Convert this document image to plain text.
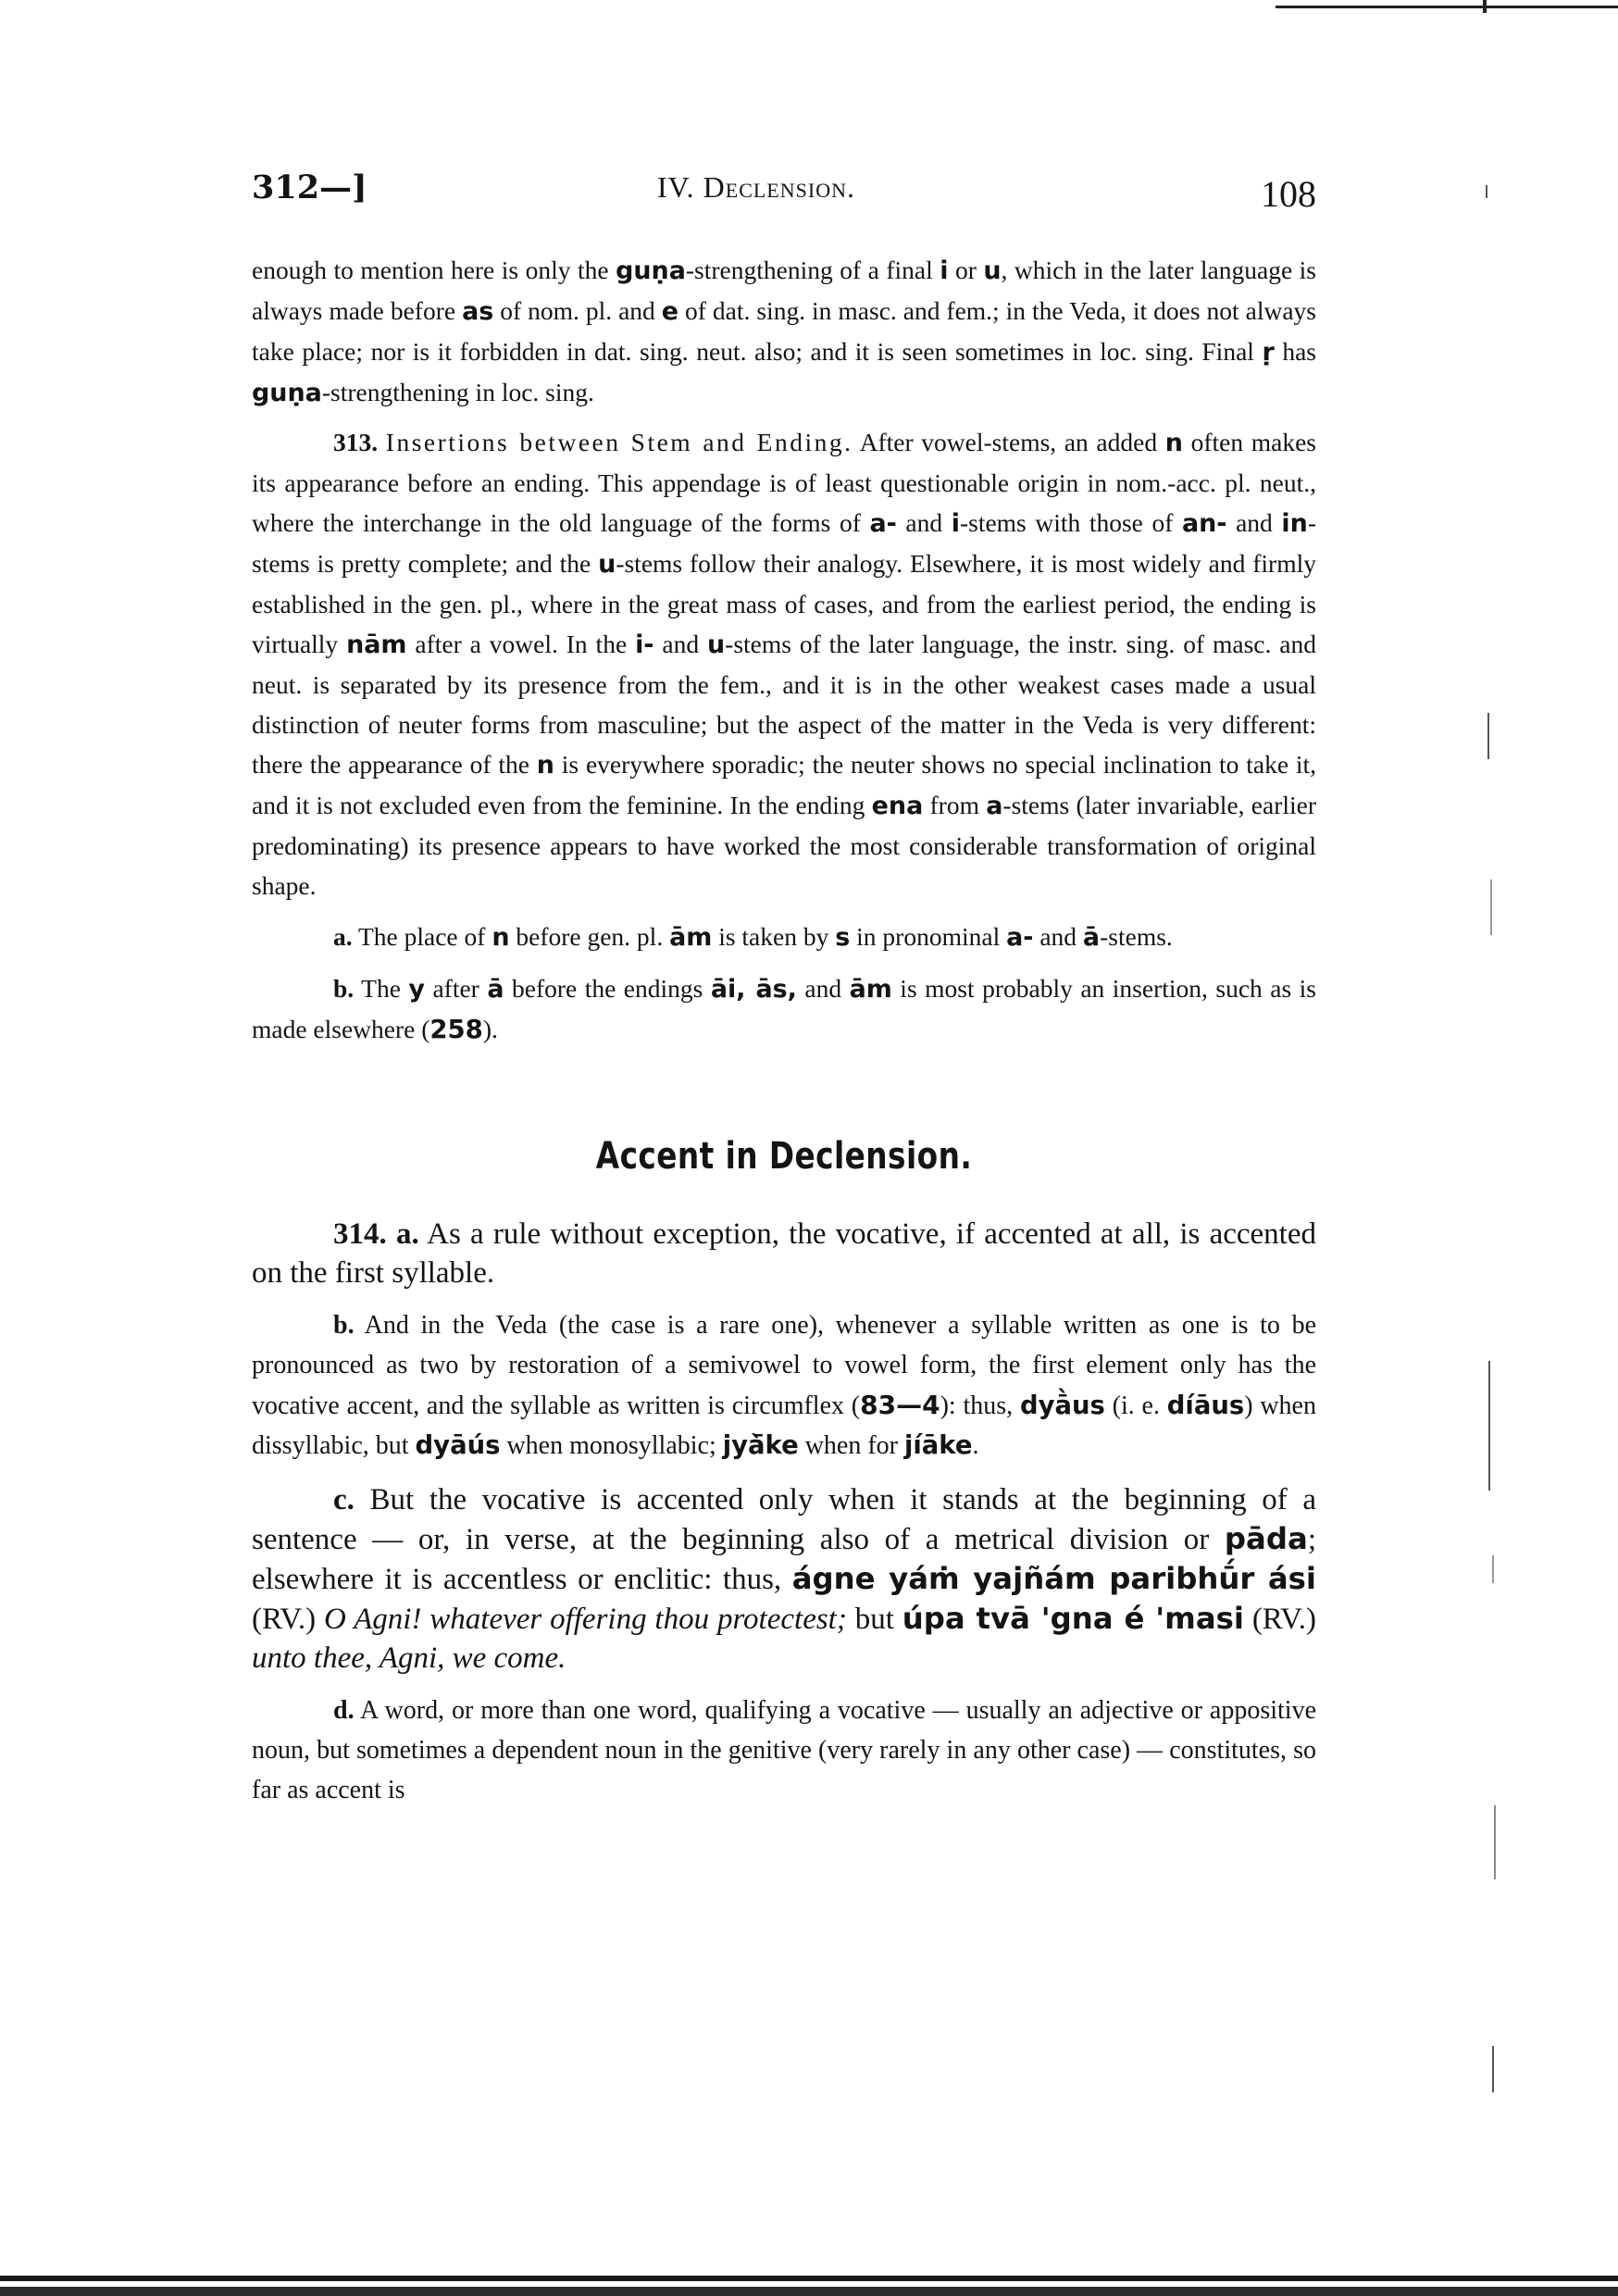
312—]	IV. Declension.	108

enough to mention here is only the guṇa-strengthening of a final i or u, which in the later language is always made before as of nom. pl. and e of dat. sing. in masc. and fem.; in the Veda, it does not always take place; nor is it forbidden in dat. sing. neut. also; and it is seen sometimes in loc. sing. Final ṛ has guṇa-strengthening in loc. sing.

313. Insertions between Stem and Ending. After vowel-stems, an added n often makes its appearance before an ending. This appendage is of least questionable origin in nom.-acc. pl. neut., where the interchange in the old language of the forms of a- and i-stems with those of an- and in-stems is pretty complete; and the u-stems follow their analogy. Elsewhere, it is most widely and firmly established in the gen. pl., where in the great mass of cases, and from the earliest period, the ending is virtually nām after a vowel. In the i- and u-stems of the later language, the instr. sing. of masc. and neut. is separated by its presence from the fem., and it is in the other weakest cases made a usual distinction of neuter forms from masculine; but the aspect of the matter in the Veda is very different: there the appearance of the n is everywhere sporadic; the neuter shows no special inclination to take it, and it is not excluded even from the feminine. In the ending ena from a-stems (later invariable, earlier predominating) its presence appears to have worked the most considerable transformation of original shape.

a. The place of n before gen. pl. ām is taken by s in pronominal a- and ā-stems.

b. The y after ā before the endings āi, ās, and ām is most probably an insertion, such as is made elsewhere (258).

Accent in Declension.

314. a. As a rule without exception, the vocative, if accented at all, is accented on the first syllable.

b. And in the Veda (the case is a rare one), whenever a syllable written as one is to be pronounced as two by restoration of a semivowel to vowel form, the first element only has the vocative accent, and the syllable as written is circumflex (83—4): thus, dyā̀us (i. e. díāus) when dissyllabic, but dyāús when monosyllabic; jyà̄ke when for jíāke.

c. But the vocative is accented only when it stands at the beginning of a sentence — or, in verse, at the beginning also of a metrical division or pāda; elsewhere it is accentless or enclitic: thus, ágne yáṁ yajñám paribhū́r ási (RV.) O Agni! whatever offering thou protectest; but úpa tvā 'gna é 'masi (RV.) unto thee, Agni, we come.

d. A word, or more than one word, qualifying a vocative — usually an adjective or appositive noun, but sometimes a dependent noun in the genitive (very rarely in any other case) — constitutes, so far as accent is
